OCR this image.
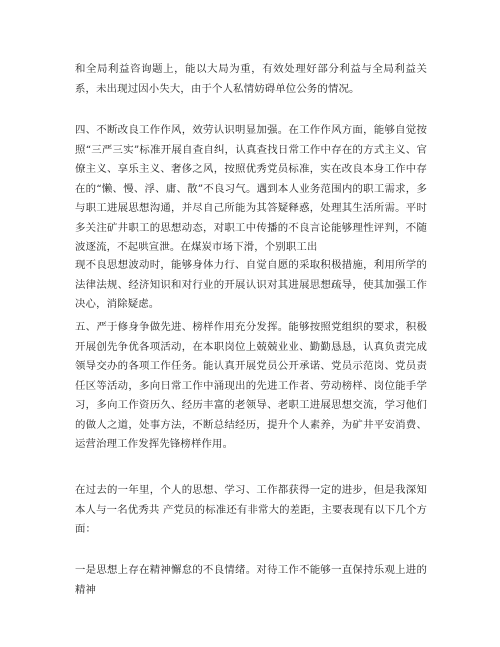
和全局利益咨询题上，能以大局为重，有效处理好部分利益与全局利益关系，未出现过因小失大，由于个人私情妨碍单位公务的情况。

四、不断改良工作作风，效劳认识明显加强。在工作作风方面，能够自觉按照“三严三实”标准开展自查自纠，认真查找日常工作中存在的方式主义、官僚主义、享乐主义、奢侈之风，按照优秀党员标准，实在改良本身工作中存在的“懒、慢、浮、庸、散”不良习气。遇到本人业务范围内的职工需求，多与职工进展思想沟通，并尽自己所能为其答疑释惑，处理其生活所需。平时多关注矿井职工的思想动态，对职工中传播的不良言论能够理性评判，不随波逐流，不起哄宣泄。在煤炭市场下滑，个别职工出

现不良思想波动时，能够身体力行、自觉自愿的采取积极措施，利用所学的法律法规、经济知识和对行业的开展认识对其进展思想疏导，使其加强工作决心，消除疑虑。

五、严于修身争做先进、榜样作用充分发挥。能够按照党组织的要求，积极开展创先争优各项活动，在本职岗位上兢兢业业、勤勤恳恳，认真负责完成领导交办的各项工作任务。能认真开展党员公开承诺、党员示范岗、党员责任区等活动，多向日常工作中涌现出的先进工作者、劳动榜样、岗位能手学习，多向工作资历久、经历丰富的老领导、老职工进展思想交流，学习他们的做人之道，处事方法，不断总结经历，提升个人素养，为矿井平安消费、运营治理工作发挥先锋榜样作用。

在过去的一年里，个人的思想、学习、工作都获得一定的进步，但是我深知本人与一名优秀共 产党员的标准还有非常大的差距，主要表现有以下几个方面：

一是思想上存在精神懈怠的不良情绪。对待工作不能够一直保持乐观上进的精神
